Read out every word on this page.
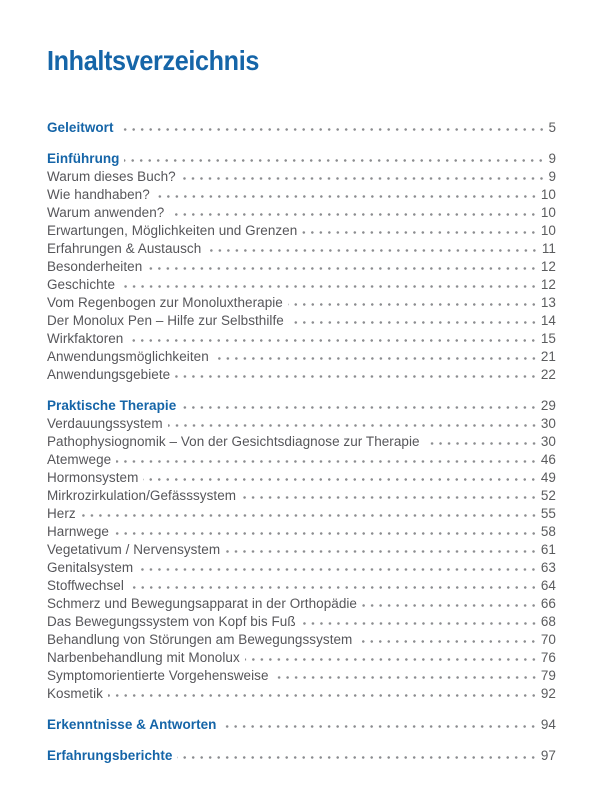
Inhaltsverzeichnis
Geleitwort	5
Einführung	9
Warum dieses Buch?	9
Wie handhaben?	10
Warum anwenden?	10
Erwartungen, Möglichkeiten und Grenzen	10
Erfahrungen & Austausch	11
Besonderheiten	12
Geschichte	12
Vom Regenbogen zur Monoluxtherapie	13
Der Monolux Pen – Hilfe zur Selbsthilfe	14
Wirkfaktoren	15
Anwendungsmöglichkeiten	21
Anwendungsgebiete	22
Praktische Therapie	29
Verdauungssystem	30
Pathophysiognomik – Von der Gesichtsdiagnose zur Therapie	30
Atemwege	46
Hormonsystem	49
Mirkrozirkulation/Gefässsystem	52
Herz	55
Harnwege	58
Vegetativum / Nervensystem	61
Genitalsystem	63
Stoffwechsel	64
Schmerz und Bewegungsapparat in der Orthopädie	66
Das Bewegungssystem von Kopf bis Fuß	68
Behandlung von Störungen am Bewegungssystem	70
Narbenbehandlung mit Monolux	76
Symptomorientierte Vorgehensweise	79
Kosmetik	92
Erkenntnisse & Antworten	94
Erfahrungsberichte	97
